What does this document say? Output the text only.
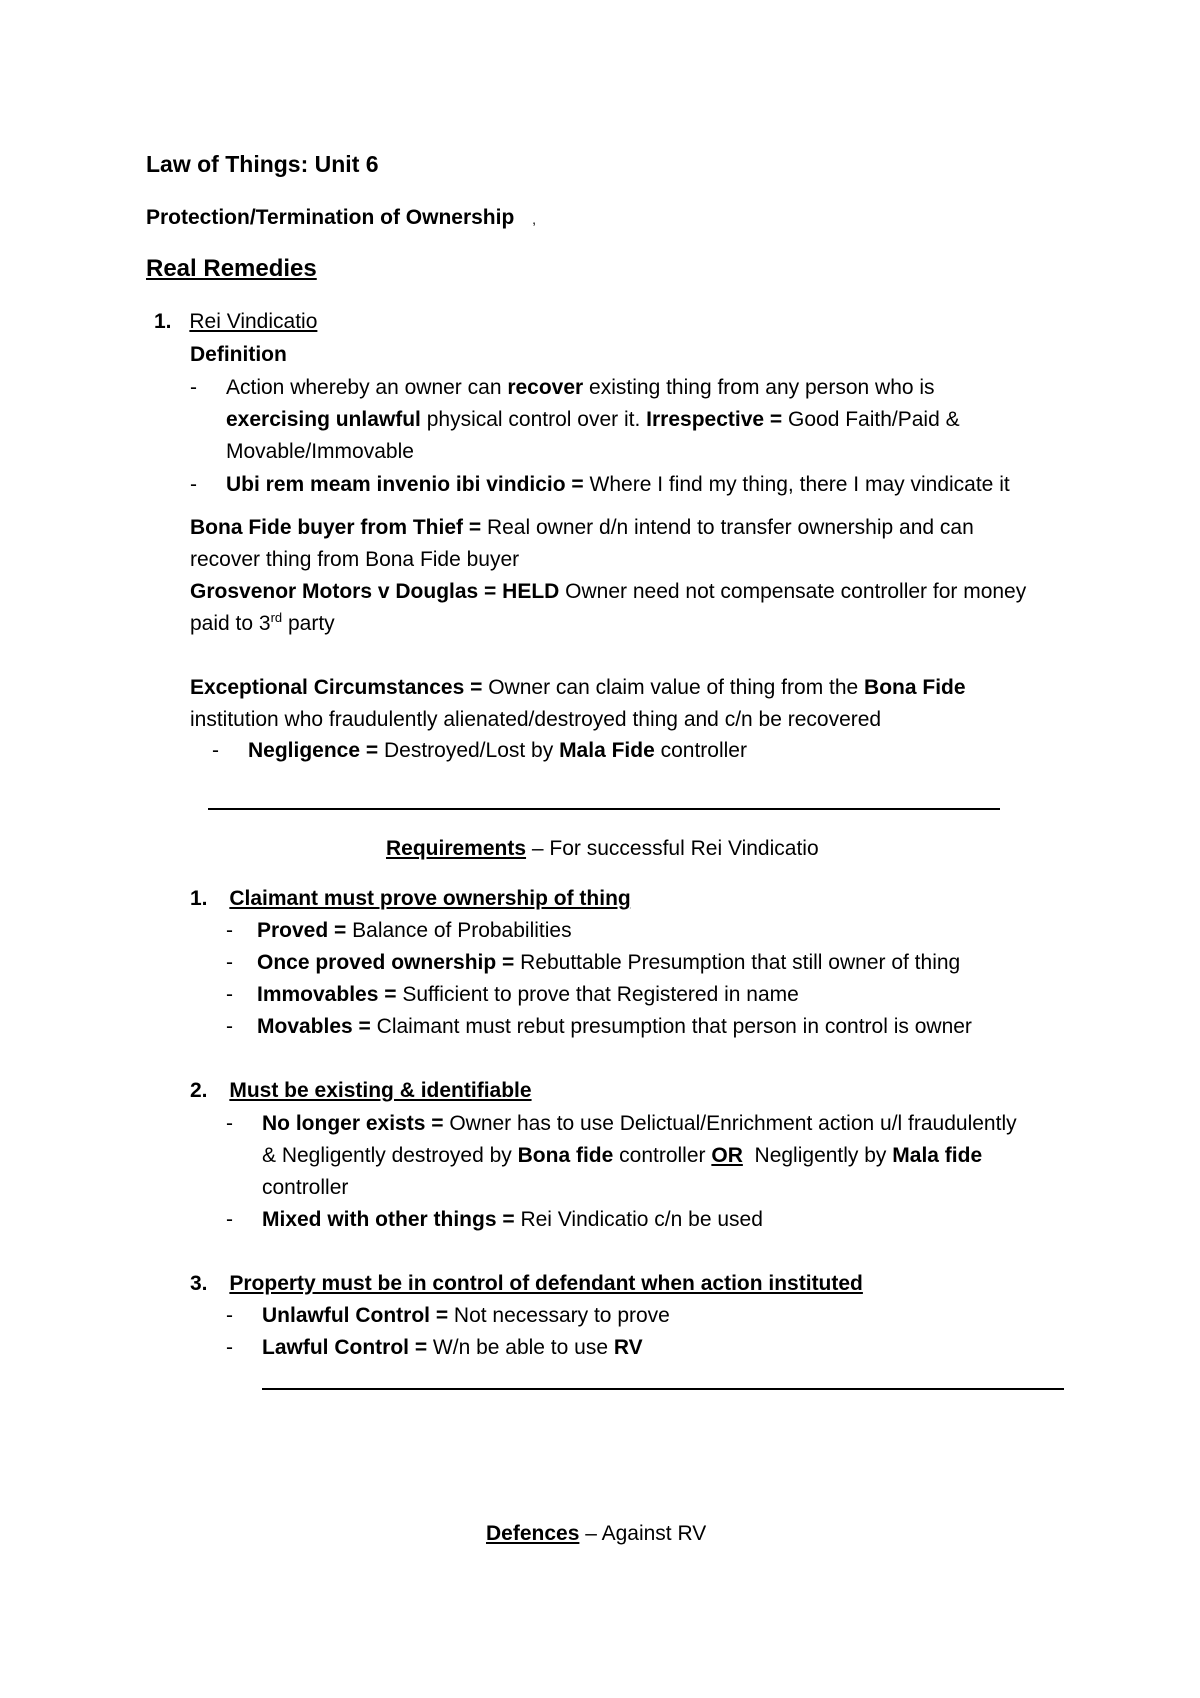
Law of Things: Unit 6
Protection/Termination of Ownership ,
Real Remedies
1. Rei Vindicatio
Definition
- Action whereby an owner can recover existing thing from any person who is
exercising unlawful physical control over it. Irrespective = Good Faith/Paid &
Movable/Immovable
- Ubi rem meam invenio ibi vindicio = Where I find my thing, there I may vindicate it
Bona Fide buyer from Thief = Real owner d/n intend to transfer ownership and can
recover thing from Bona Fide buyer
Grosvenor Motors v Douglas = HELD Owner need not compensate controller for money
paid to 3rd party
Exceptional Circumstances = Owner can claim value of thing from the Bona Fide
institution who fraudulently alienated/destroyed thing and c/n be recovered
- Negligence = Destroyed/Lost by Mala Fide controller
Requirements – For successful Rei Vindicatio
1. Claimant must prove ownership of thing
- Proved = Balance of Probabilities
- Once proved ownership = Rebuttable Presumption that still owner of thing
- Immovables = Sufficient to prove that Registered in name
- Movables = Claimant must rebut presumption that person in control is owner
2. Must be existing & identifiable
- No longer exists = Owner has to use Delictual/Enrichment action u/l fraudulently
& Negligently destroyed by Bona fide controller OR  Negligently by Mala fide
controller
- Mixed with other things = Rei Vindicatio c/n be used
3. Property must be in control of defendant when action instituted
- Unlawful Control = Not necessary to prove
- Lawful Control = W/n be able to use RV
Defences – Against RV
